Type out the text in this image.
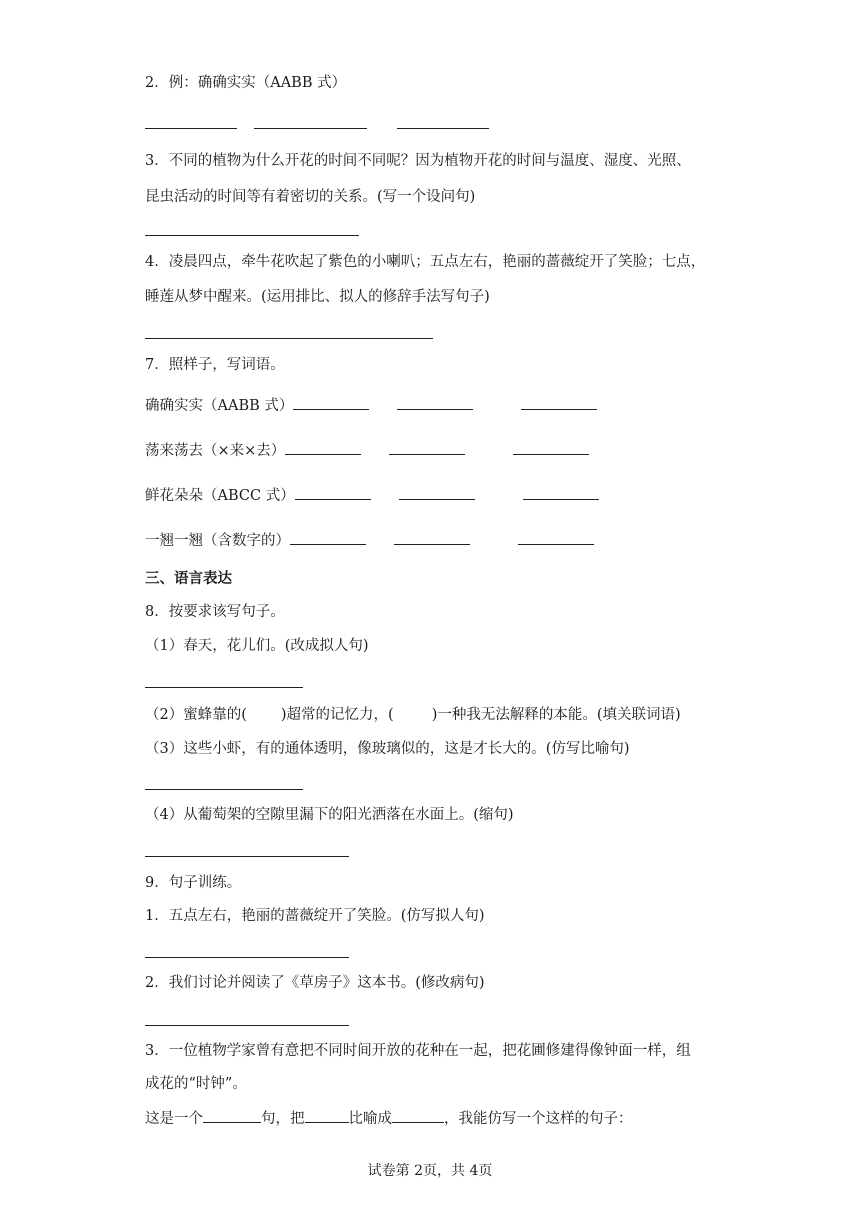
2．例：确确实实（AABB 式）
3．不同的植物为什么开花的时间不同呢？因为植物开花的时间与温度、湿度、光照、
昆虫活动的时间等有着密切的关系。(写一个设问句)
4．凌晨四点，牵牛花吹起了紫色的小喇叭；五点左右，艳丽的蔷薇绽开了笑脸；七点，
睡莲从梦中醒来。(运用排比、拟人的修辞手法写句子)
7．照样子，写词语。
确确实实（AABB 式）
荡来荡去（×来×去）
鲜花朵朵（ABCC 式）
一翘一翘（含数字的）
三、语言表达
8．按要求该写句子。
（1）春天，花儿们。(改成拟人句)
（2）蜜蜂靠的( )超常的记忆力，(	)一种我无法解释的本能。(填关联词语)
（3）这些小虾，有的通体透明，像玻璃似的，这是才长大的。(仿写比喻句)
（4）从葡萄架的空隙里漏下的阳光洒落在水面上。(缩句)
9．句子训练。
1．五点左右，艳丽的蔷薇绽开了笑脸。(仿写拟人句)
2．我们讨论并阅读了《草房子》这本书。(修改病句)
3．一位植物学家曾有意把不同时间开放的花种在一起，把花圃修建得像钟面一样，组
成花的“时钟”。
这是一个	句，把	比喻成	，我能仿写一个这样的句子：
试卷第 2页，共 4页
